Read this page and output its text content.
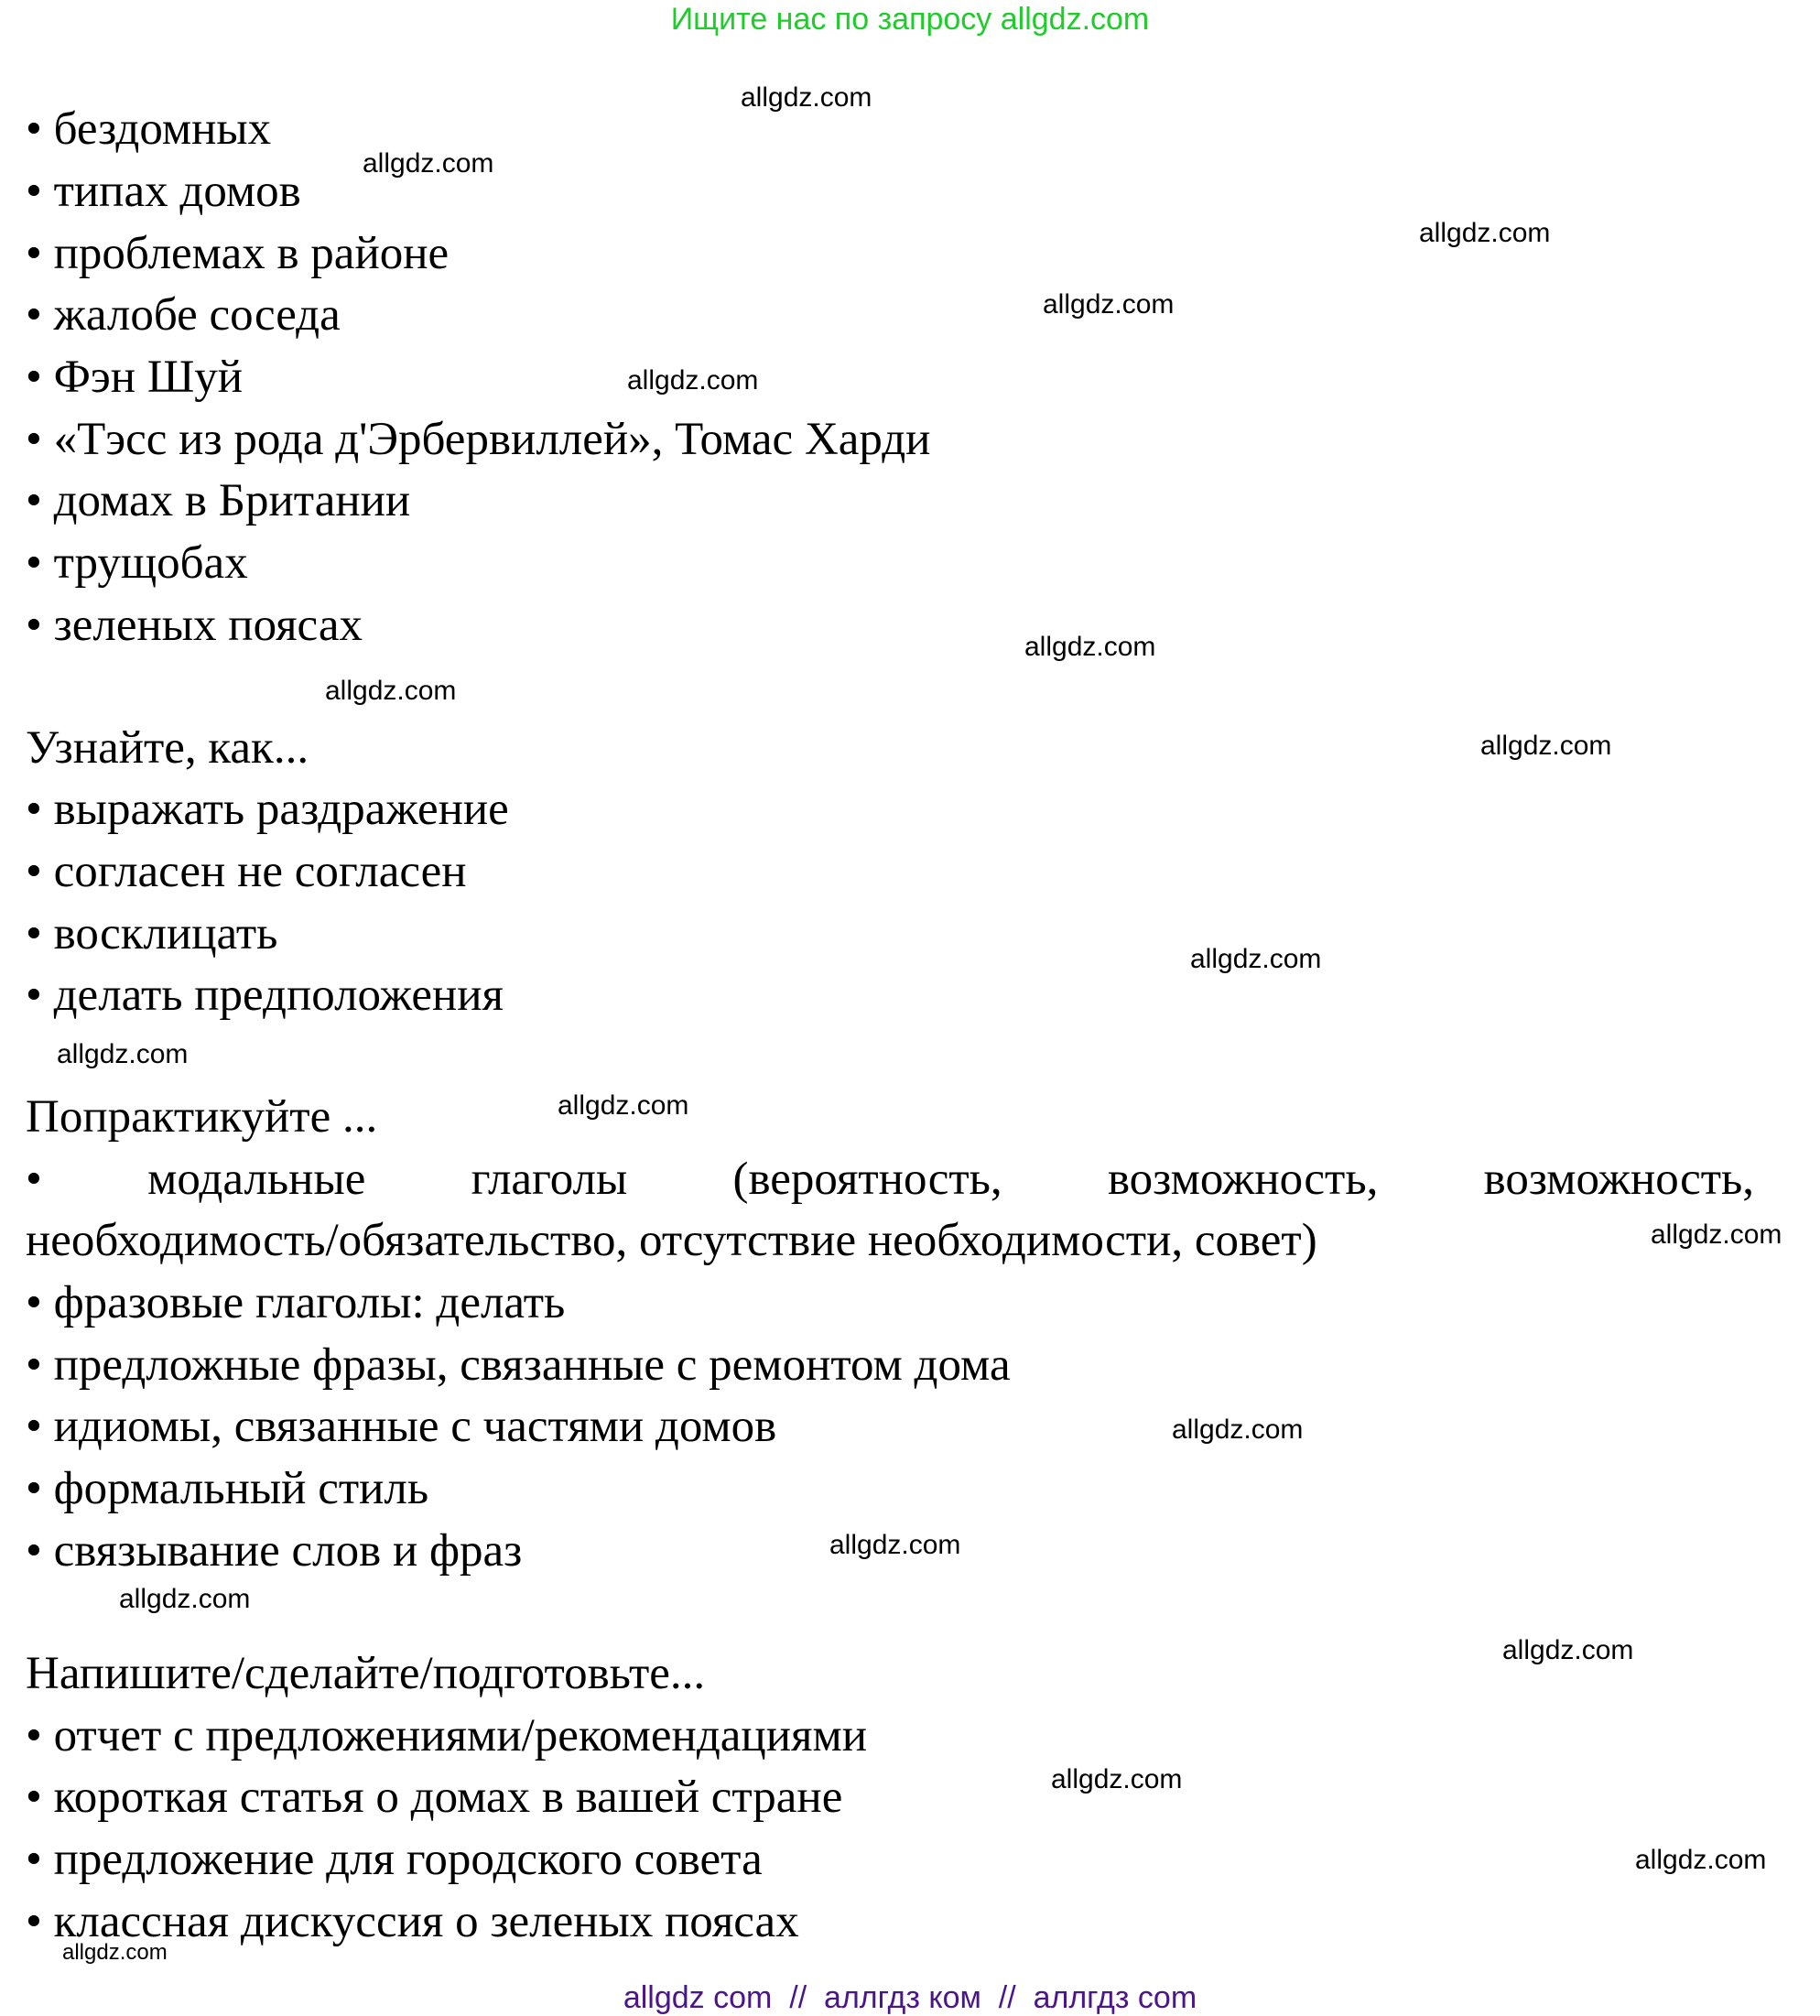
Ищите нас по запросу allgdz.com
• бездомных
• типах домов
• проблемах в районе
• жалобе соседа
• Фэн Шуй
• «Тэсс из рода д'Эрбервиллей», Томас Харди
• домах в Британии
• трущобах
• зеленых поясах
Узнайте, как...
• выражать раздражение
• согласен не согласен
• восклицать
• делать предположения
Попрактикуйте ...
• модальные глаголы (вероятность, возможность, возможность,
необходимость/обязательство, отсутствие необходимости, совет)
• фразовые глаголы: делать
• предложные фразы, связанные с ремонтом дома
• идиомы, связанные с частями домов
• формальный стиль
• связывание слов и фраз
Напишите/сделайте/подготовьте...
• отчет с предложениями/рекомендациями
• короткая статья о домах в вашей стране
• предложение для городского совета
• классная дискуссия о зеленых поясах
allgdz.com
allgdz.com
allgdz.com
allgdz.com
allgdz.com
allgdz.com
allgdz.com
allgdz.com
allgdz.com
allgdz.com
allgdz.com
allgdz.com
allgdz.com
allgdz.com
allgdz.com
allgdz.com
allgdz.com
allgdz.com
allgdz.com
allgdz com  //  аллгдз ком  //  аллгдз com
